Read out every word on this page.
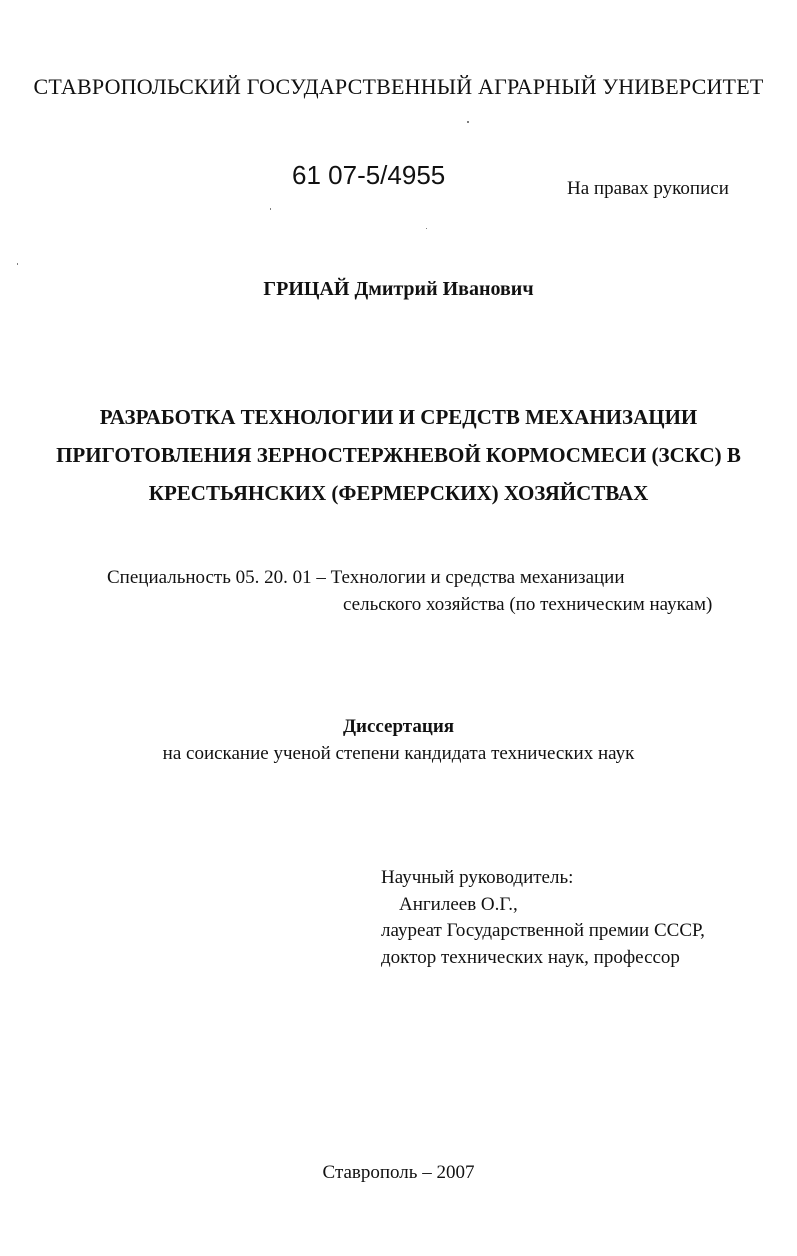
СТАВРОПОЛЬСКИЙ ГОСУДАРСТВЕННЫЙ АГРАРНЫЙ УНИВЕРСИТЕТ
61 07-5/4955	На правах рукописи
ГРИЦАЙ Дмитрий Иванович
РАЗРАБОТКА ТЕХНОЛОГИИ И СРЕДСТВ МЕХАНИЗАЦИИ
ПРИГОТОВЛЕНИЯ ЗЕРНОСТЕРЖНЕВОЙ КОРМОСМЕСИ (ЗСКС) В
КРЕСТЬЯНСКИХ (ФЕРМЕРСКИХ) ХОЗЯЙСТВАХ
Специальность 05. 20. 01 – Технологии и средства механизации
сельского хозяйства (по техническим наукам)
Диссертация
на соискание ученой степени кандидата технических наук
Научный руководитель:
Ангилеев О.Г.,
лауреат Государственной премии СССР,
доктор технических наук, профессор
Ставрополь – 2007
